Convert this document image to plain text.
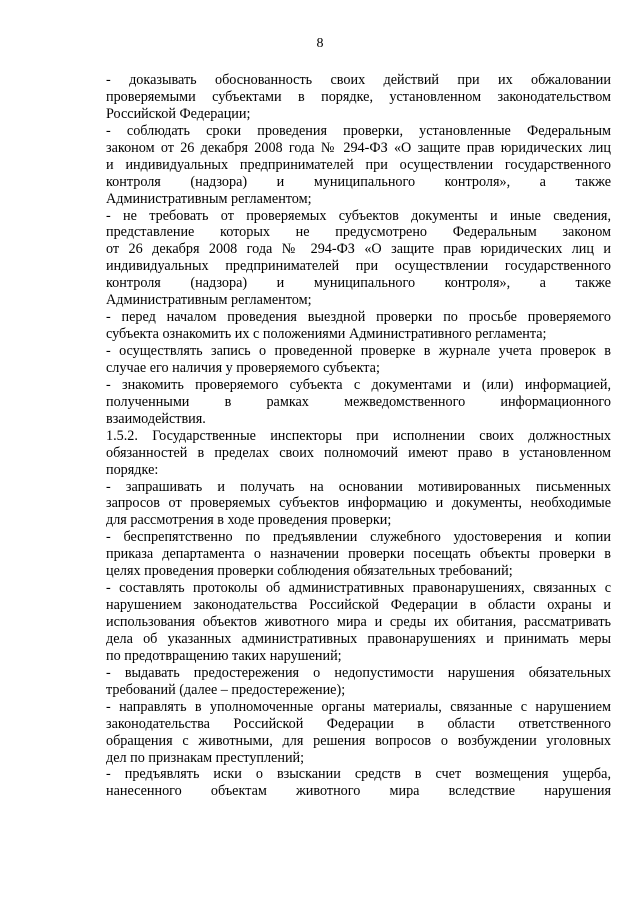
8
- доказывать обоснованность своих действий при их обжаловании
проверяемыми субъектами в порядке, установленном законодательством
Российской Федерации;
- соблюдать сроки проведения проверки, установленные Федеральным
законом от 26 декабря 2008 года № 294-ФЗ «О защите прав юридических лиц
и индивидуальных предпринимателей при осуществлении государственного
контроля (надзора) и муниципального контроля», а также
Административным регламентом;
- не требовать от проверяемых субъектов документы и иные сведения,
представление которых не предусмотрено Федеральным законом
от 26 декабря 2008 года № 294-ФЗ «О защите прав юридических лиц и
индивидуальных предпринимателей при осуществлении государственного
контроля (надзора) и муниципального контроля», а также
Административным регламентом;
- перед началом проведения выездной проверки по просьбе проверяемого
субъекта ознакомить их с положениями Административного регламента;
- осуществлять запись о проведенной проверке в журнале учета проверок в
случае его наличия у проверяемого субъекта;
- знакомить проверяемого субъекта с документами и (или) информацией,
полученными в рамках межведомственного информационного
взаимодействия.
1.5.2. Государственные инспекторы при исполнении своих должностных
обязанностей в пределах своих полномочий имеют право в установленном
порядке:
- запрашивать и получать на основании мотивированных письменных
запросов от проверяемых субъектов информацию и документы, необходимые
для рассмотрения в ходе проведения проверки;
- беспрепятственно по предъявлении служебного удостоверения и копии
приказа департамента о назначении проверки посещать объекты проверки в
целях проведения проверки соблюдения обязательных требований;
- составлять протоколы об административных правонарушениях, связанных с
нарушением законодательства Российской Федерации в области охраны и
использования объектов животного мира и среды их обитания, рассматривать
дела об указанных административных правонарушениях и принимать меры
по предотвращению таких нарушений;
- выдавать предостережения о недопустимости нарушения обязательных
требований (далее – предостережение);
- направлять в уполномоченные органы материалы, связанные с нарушением
законодательства Российской Федерации в области ответственного
обращения с животными, для решения вопросов о возбуждении уголовных
дел по признакам преступлений;
- предъявлять иски о взыскании средств в счет возмещения ущерба,
нанесенного объектам животного мира вследствие нарушения
